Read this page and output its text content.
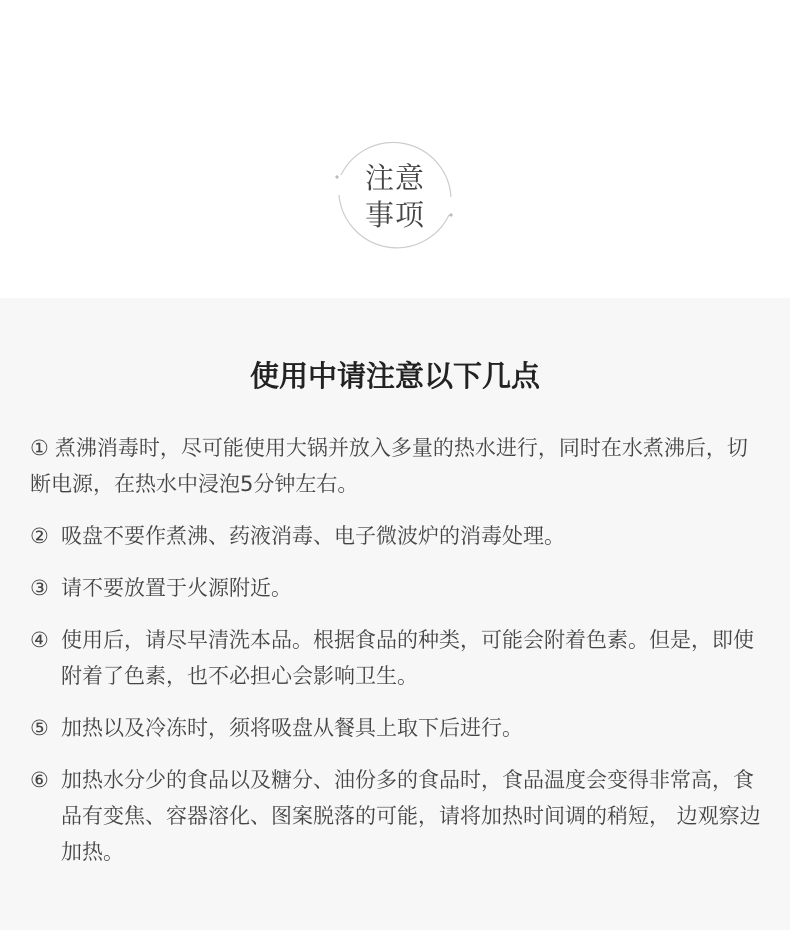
注意
事项
使用中请注意以下几点
① 煮沸消毒时，尽可能使用大锅并放入多量的热水进行，同时在水煮沸后，切断电源，在热水中浸泡5分钟左右。
② 吸盘不要作煮沸、药液消毒、电子微波炉的消毒处理。
③ 请不要放置于火源附近。
④ 使用后，请尽早清洗本品。根据食品的种类，可能会附着色素。但是，即使附着了色素，也不必担心会影响卫生。
⑤ 加热以及冷冻时，须将吸盘从餐具上取下后进行。
⑥ 加热水分少的食品以及糖分、油份多的食品时，食品温度会变得非常高，食品有变焦、容器溶化、图案脱落的可能，请将加热时间调的稍短， 边观察边加热。
